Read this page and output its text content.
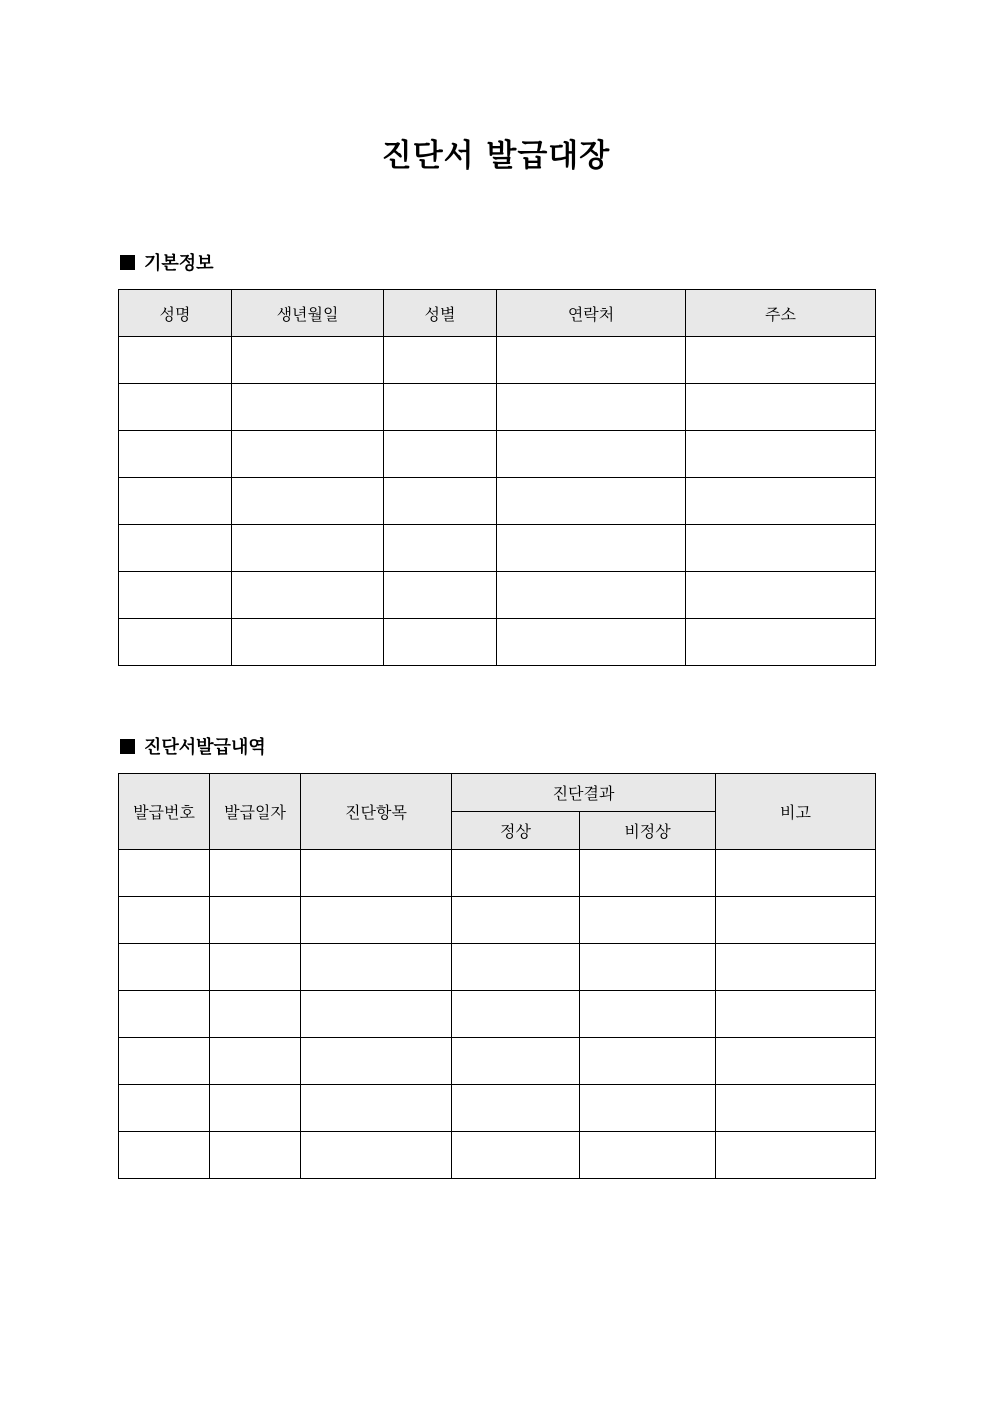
진단서 발급대장
기본정보
성명	생년월일	성별	연락처	주소

진단서발급내역
발급번호	발급일자	진단항목	진단결과		비고
			정상	비정상	
